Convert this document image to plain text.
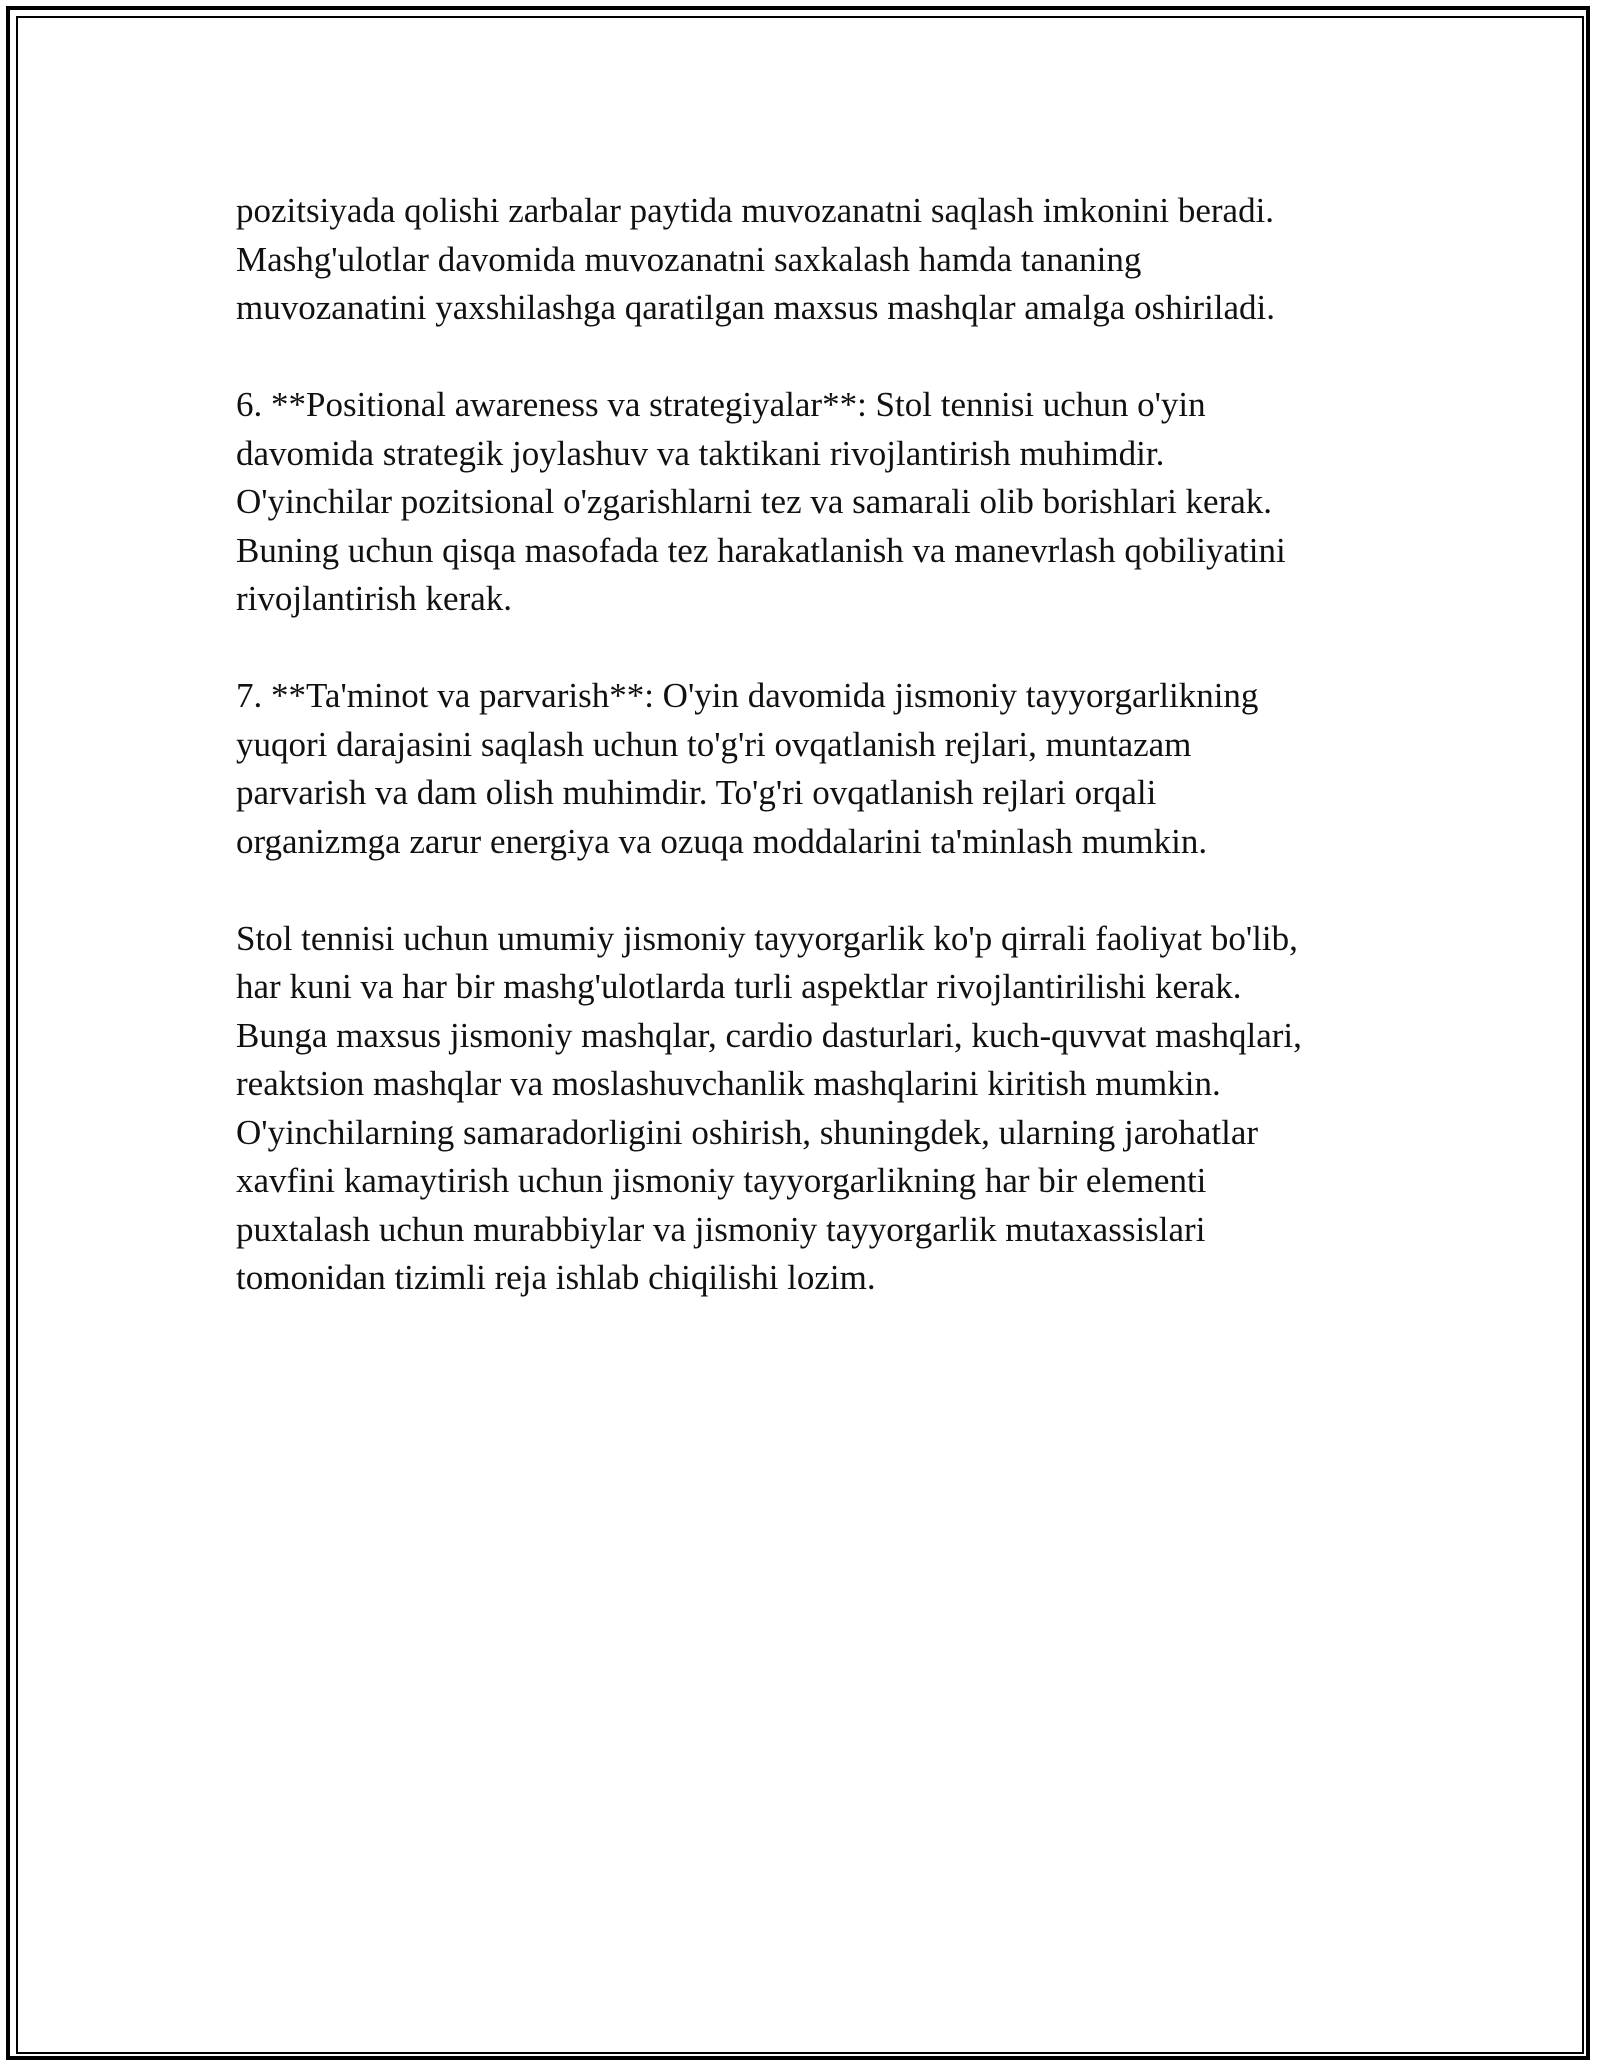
pozitsiyada qolishi zarbalar paytida muvozanatni saqlash imkonini beradi.
Mashg'ulotlar davomida muvozanatni saxkalash hamda tananing
muvozanatini yaxshilashga qaratilgan maxsus mashqlar amalga oshiriladi.
6. **Positional awareness va strategiyalar**: Stol tennisi uchun o'yin
davomida strategik joylashuv va taktikani rivojlantirish muhimdir.
O'yinchilar pozitsional o'zgarishlarni tez va samarali olib borishlari kerak.
Buning uchun qisqa masofada tez harakatlanish va manevrlash qobiliyatini
rivojlantirish kerak.
7. **Ta'minot va parvarish**: O'yin davomida jismoniy tayyorgarlikning
yuqori darajasini saqlash uchun to'g'ri ovqatlanish rejlari, muntazam
parvarish va dam olish muhimdir. To'g'ri ovqatlanish rejlari orqali
organizmga zarur energiya va ozuqa moddalarini ta'minlash mumkin.
Stol tennisi uchun umumiy jismoniy tayyorgarlik ko'p qirrali faoliyat bo'lib,
har kuni va har bir mashg'ulotlarda turli aspektlar rivojlantirilishi kerak.
Bunga maxsus jismoniy mashqlar, cardio dasturlari, kuch-quvvat mashqlari,
reaktsion mashqlar va moslashuvchanlik mashqlarini kiritish mumkin.
O'yinchilarning samaradorligini oshirish, shuningdek, ularning jarohatlar
xavfini kamaytirish uchun jismoniy tayyorgarlikning har bir elementi
puxtalash uchun murabbiylar va jismoniy tayyorgarlik mutaxassislari
tomonidan tizimli reja ishlab chiqilishi lozim.
